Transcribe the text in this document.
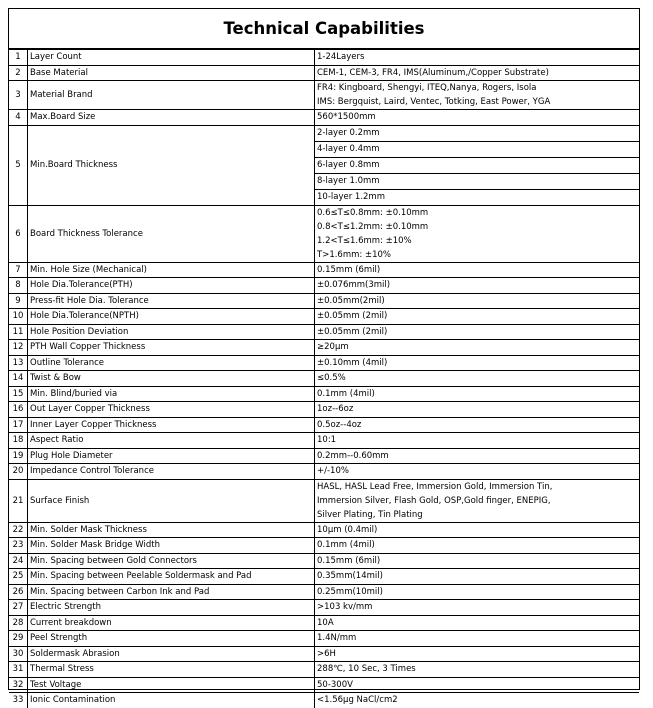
Technical Capabilities
1	Layer Count	1-24Layers

2	Base Material	CEM-1, CEM-3, FR4, IMS(Aluminum,/Copper Substrate)

3	Material Brand	FR4: Kingboard, Shengyi, ITEQ,Nanya, Rogers, Isola
IMS: Bergquist, Laird, Ventec, Totking, East Power, YGA

4	Max.Board Size	560*1500mm

5	Min.Board Thickness	2-layer 0.2mm
4-layer 0.4mm
6-layer 0.8mm
8-layer 1.0mm
10-layer 1.2mm

6	Board Thickness Tolerance	0.6≤T≤0.8mm: ±0.10mm
0.8<T≤1.2mm: ±0.10mm
1.2<T≤1.6mm: ±10%
T>1.6mm: ±10%

7	Min. Hole Size (Mechanical)	0.15mm (6mil)

8	Hole Dia.Tolerance(PTH)	±0.076mm(3mil)

9	Press-fit Hole Dia. Tolerance	±0.05mm(2mil)

10	Hole Dia.Tolerance(NPTH)	±0.05mm (2mil)

11	Hole Position Deviation	±0.05mm (2mil)

12	PTH Wall Copper Thickness	≥20μm

13	Outline Tolerance	±0.10mm (4mil)

14	Twist & Bow	≤0.5%

15	Min. Blind/buried via	0.1mm (4mil)

16	Out Layer Copper Thickness	1oz--6oz

17	Inner Layer Copper Thickness	0.5oz--4oz

18	Aspect Ratio	10:1

19	Plug Hole Diameter	0.2mm--0.60mm

20	Impedance Control Tolerance	+/-10%

21	Surface Finish	HASL, HASL Lead Free, Immersion Gold, Immersion Tin,
Immersion Silver, Flash Gold, OSP,Gold finger, ENEPIG,
Silver Plating, Tin Plating

22	Min. Solder Mask Thickness	10μm (0.4mil)

23	Min. Solder Mask Bridge Width	0.1mm (4mil)

24	Min. Spacing between Gold Connectors	0.15mm (6mil)

25	Min. Spacing between Peelable Soldermask and Pad	0.35mm(14mil)

26	Min. Spacing between Carbon Ink and Pad	0.25mm(10mil)

27	Electric Strength	>103 kv/mm

28	Current breakdown	10A

29	Peel Strength	1.4N/mm

30	Soldermask Abrasion	>6H

31	Thermal Stress	288℃, 10 Sec, 3 Times

32	Test Voltage	50-300V

33	Ionic Contamination	<1.56μg NaCl/cm2
